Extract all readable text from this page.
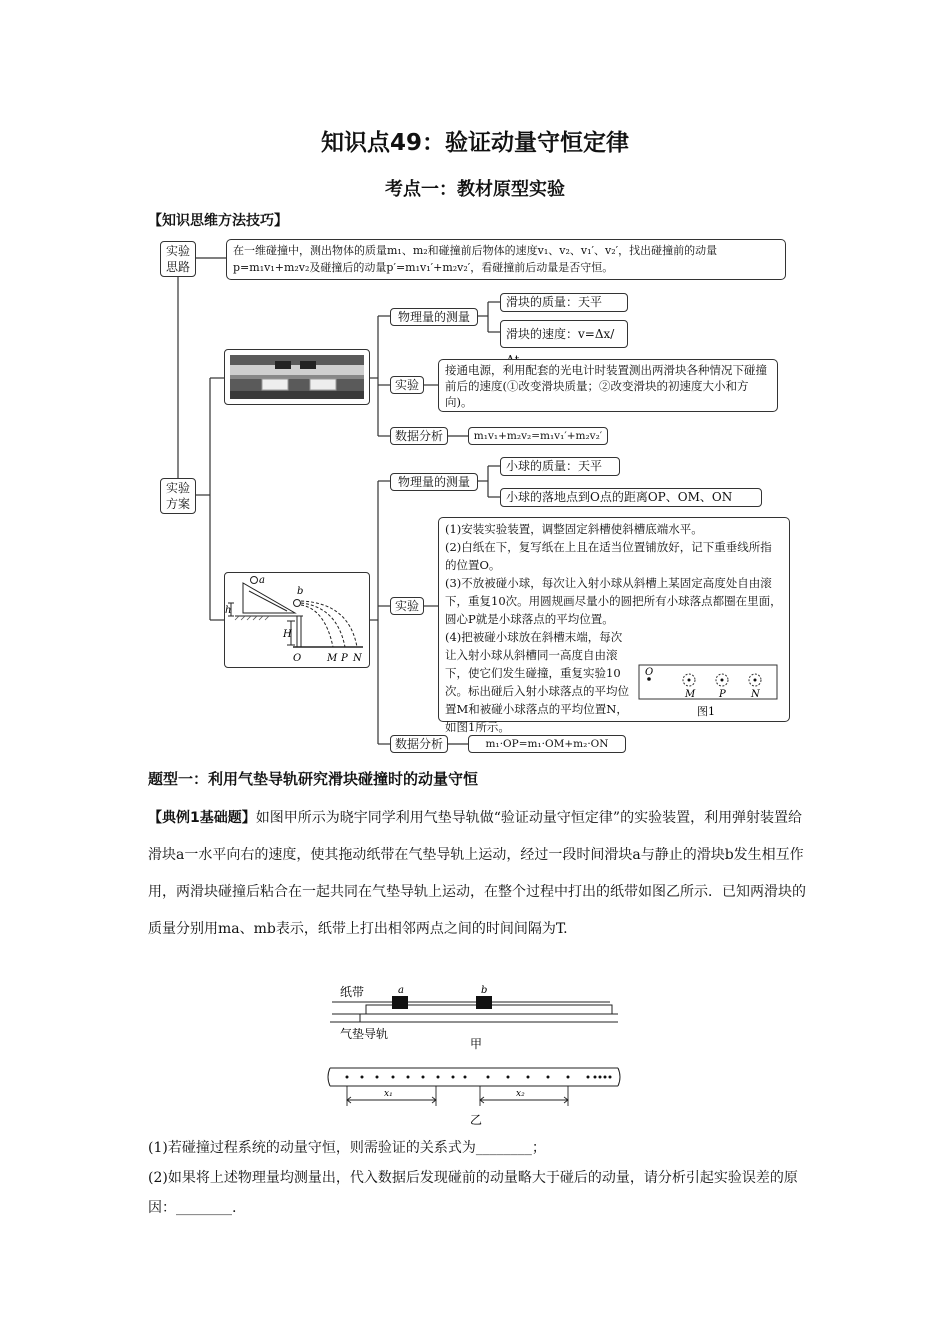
知识点49：验证动量守恒定律
考点一：教材原型实验
【知识思维方法技巧】
实验思路
在一维碰撞中，测出物体的质量m₁、m₂和碰撞前后物体的速度v₁、v₂、v₁′、v₂′，找出碰撞前的动量p=m₁v₁+m₂v₂及碰撞后的动量p′=m₁v₁′+m₂v₂′，看碰撞前后动量是否守恒。
实验方案
物理量的测量
滑块的质量：天平
滑块的速度：v=Δx/
实验
接通电源，利用配套的光电计时装置测出两滑块各种情况下碰撞前后的速度(①改变滑块质量；②改变滑块的初速度大小和方向)。
数据分析	m₁v₁+m₂v₂=m₁v₁′+m₂v₂′
a
b
h
H
O	M P N
物理量的测量
小球的质量：天平
小球的落地点到O点的距离OP、OM、ON
实验
(1)安装实验装置，调整固定斜槽使斜槽底端水平。
(2)白纸在下，复写纸在上且在适当位置铺放好，记下重垂线所指的位置O。
(3)不放被碰小球，每次让入射小球从斜槽上某固定高度处自由滚下，重复10次。用圆规画尽量小的圆把所有小球落点都圈在里面，圆心P就是小球落点的平均位置。
(4)把被碰小球放在斜槽末端，每次让入射小球从斜槽同一高度自由滚下，使它们发生碰撞，重复实验10次。标出碰后入射小球落点的平均位置M和被碰小球落点的平均位置N，如图1所示。
O
M P	N
图1
数据分析	m₁·OP=m₁·OM+m₂·ON
题型一：利用气垫导轨研究滑块碰撞时的动量守恒
【典例1基础题】如图甲所示为晓宇同学利用气垫导轨做“验证动量守恒定律”的实验装置，利用弹射装置给滑块a一水平向右的速度，使其拖动纸带在气垫导轨上运动，经过一段时间滑块a与静止的滑块b发生相互作用，两滑块碰撞后粘合在一起共同在气垫导轨上运动，在整个过程中打出的纸带如图乙所示．已知两滑块的质量分别用ma、mb表示，纸带上打出相邻两点之间的时间间隔为T.
纸带	a	b
气垫导轨
甲
x₁	x₂
乙
(1)若碰撞过程系统的动量守恒，则需验证的关系式为________；
(2)如果将上述物理量均测量出，代入数据后发现碰前的动量略大于碰后的动量，请分析引起实验误差的原因：________.
